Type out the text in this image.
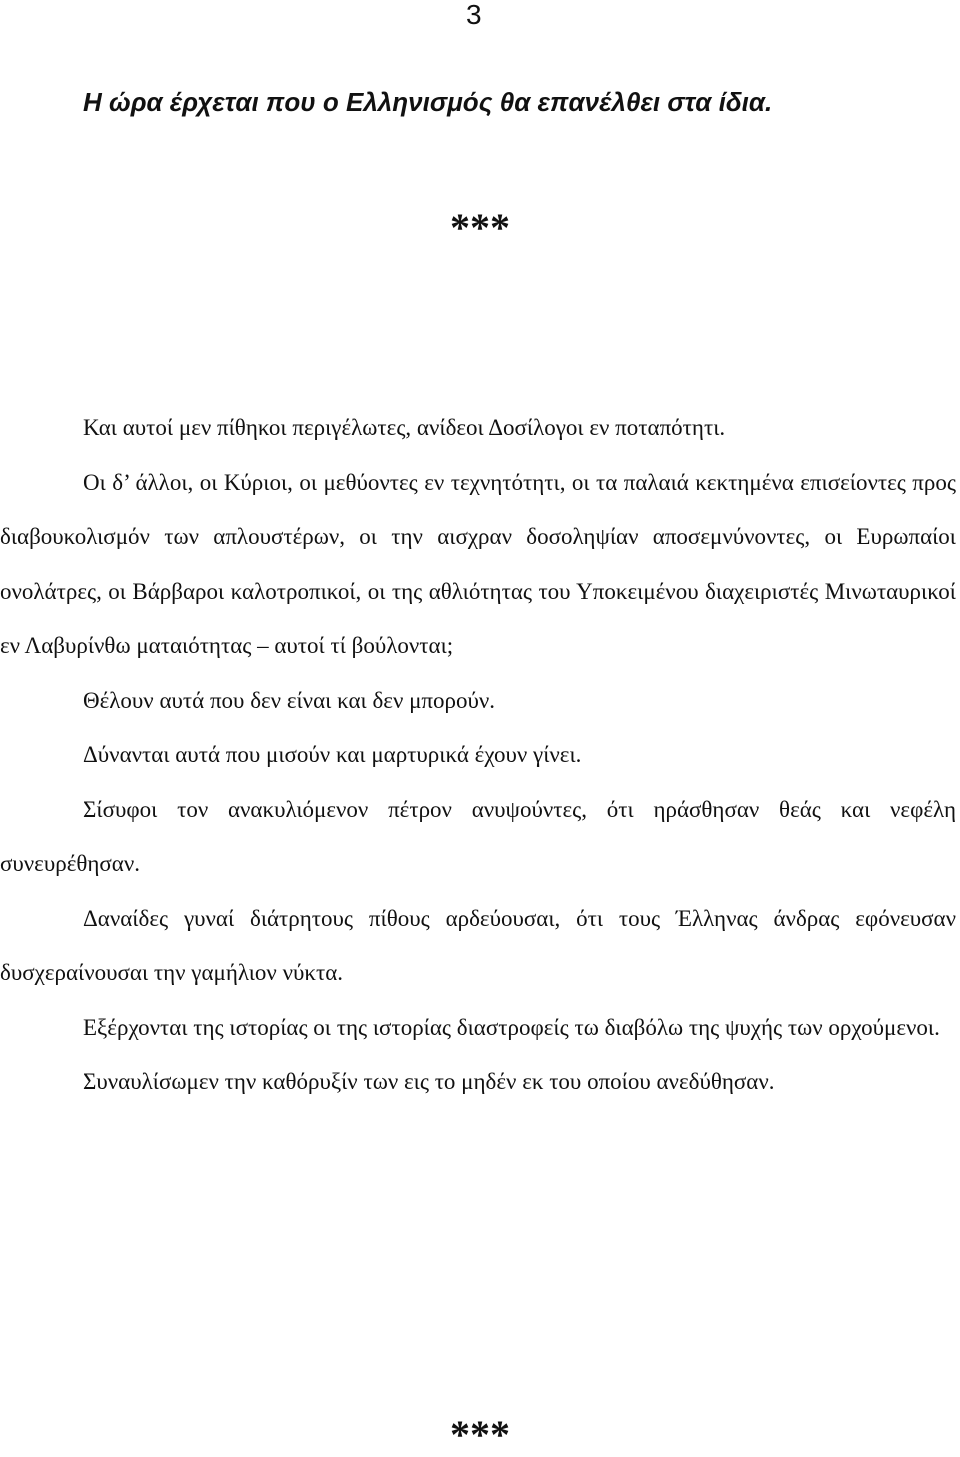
3
Η ώρα έρχεται που ο Ελληνισμός θα επανέλθει στα ίδια.
***

Και αυτοί μεν πίθηκοι περιγέλωτες, ανίδεοι Δοσίλογοι εν ποταπότητι.

Οι δ’ άλλοι, οι Κύριοι, οι μεθύοντες εν τεχνητότητι, οι τα παλαιά κεκτημένα επισείοντες προς διαβουκολισμόν των απλουστέρων, οι την αισχραν δοσοληψίαν αποσεμνύνοντες, οι Ευρωπαίοι ονολάτρες, οι Βάρβαροι καλοτροπικοί, οι της αθλιότητας του Υποκειμένου διαχειριστές Μινωταυρικοί εν Λαβυρίνθω ματαιότητας – αυτοί τί βούλονται;

Θέλουν αυτά που δεν είναι και δεν μπορούν.

Δύνανται αυτά που μισούν και μαρτυρικά έχουν γίνει.

Σίσυφοι τον ανακυλιόμενον πέτρον ανυψούντες, ότι ηράσθησαν θεάς και νεφέλη συνευρέθησαν.

Δαναίδες γυναί διάτρητους πίθους αρδεύουσαι, ότι τους Έλληνας άνδρας εφόνευσαν δυσχεραίνουσαι την γαμήλιον νύκτα.

Εξέρχονται της ιστορίας οι της ιστορίας διαστροφείς τω διαβόλω της ψυχής των ορχούμενοι.

Συναυλίσωμεν την καθόρυξίν των εις το μηδέν εκ του οποίου ανεδύθησαν.

***
